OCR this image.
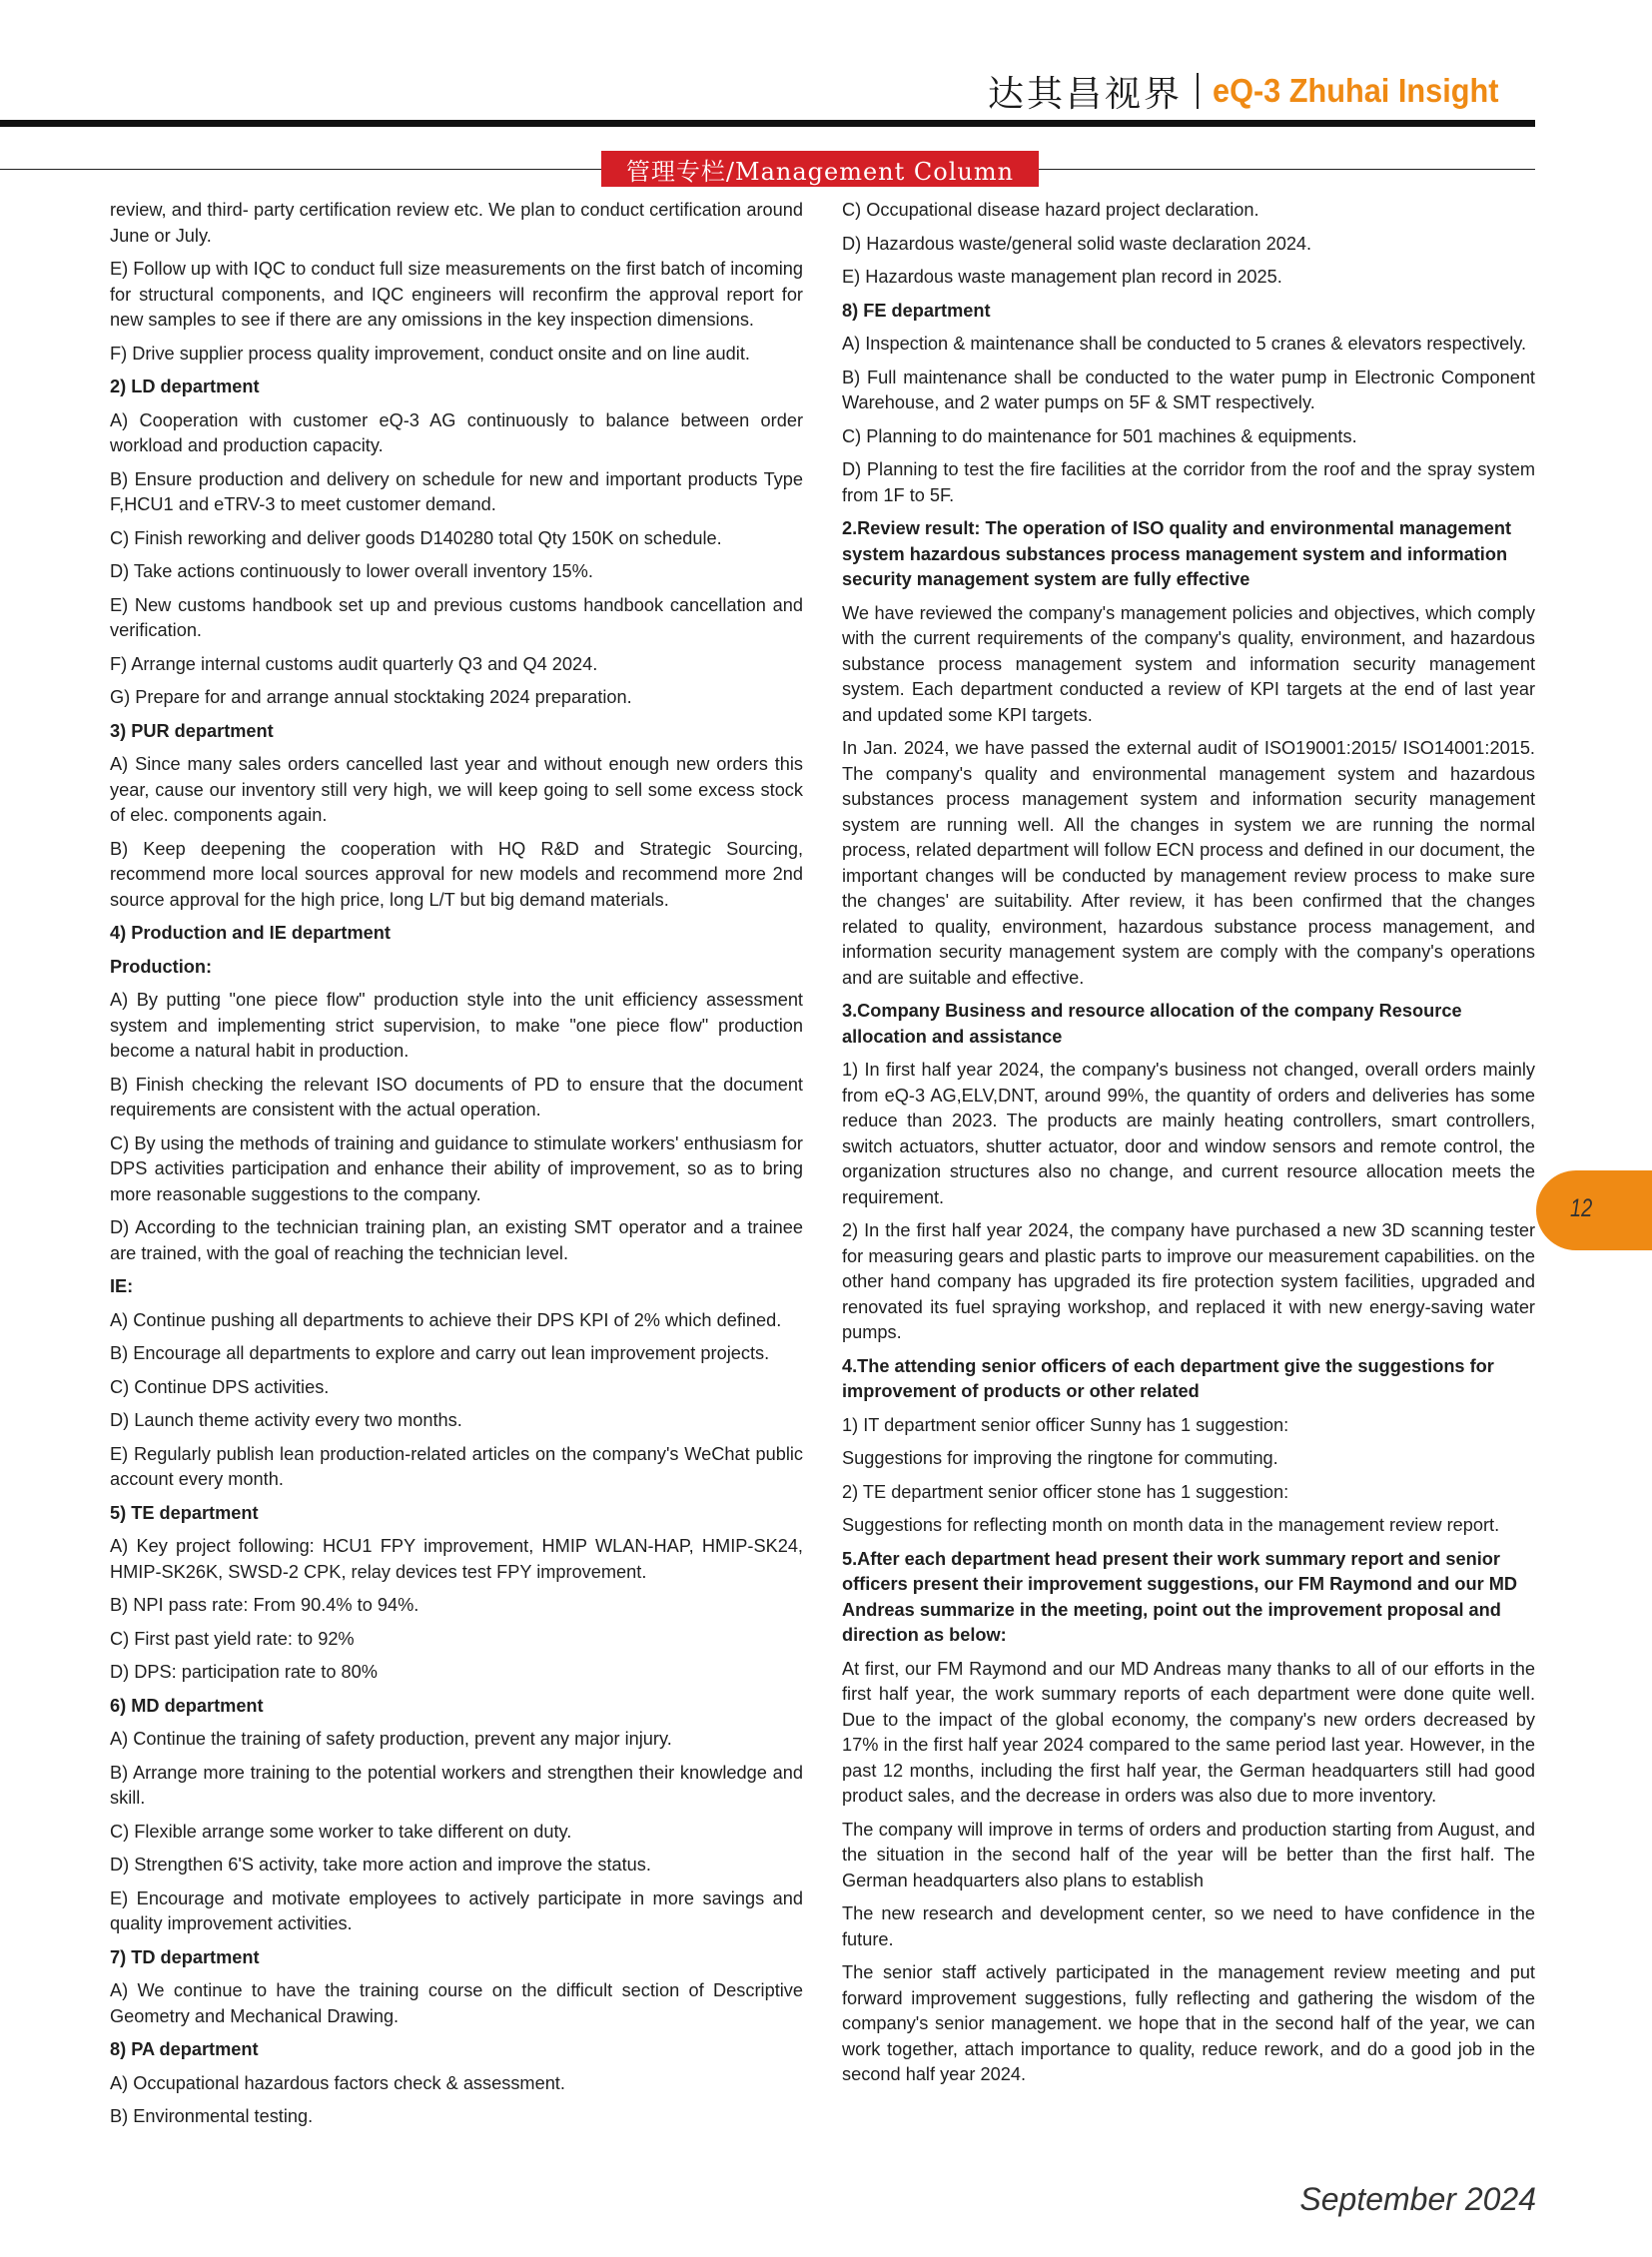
达其昌视界 eQ-3 Zhuhai Insight
管理专栏/Management Column

review, and third- party certification review etc. We plan to conduct certification around June or July.

E) Follow up with IQC to conduct full size measurements on the first batch of incoming for structural components, and IQC engineers will reconfirm the approval report for new samples to see if there are any omissions in the key inspection dimensions.

F) Drive supplier process quality improvement, conduct onsite and on line audit.

2) LD department

A) Cooperation with customer eQ-3 AG continuously to balance between order workload and production capacity.

B) Ensure production and delivery on schedule for new and important products Type F,HCU1 and eTRV-3 to meet customer demand.

C) Finish reworking and deliver goods D140280 total Qty 150K on schedule.

D) Take actions continuously to lower overall inventory 15%.

E) New customs handbook set up and previous customs handbook cancellation and verification.

F) Arrange internal customs audit quarterly Q3 and Q4 2024.

G) Prepare for and arrange annual stocktaking 2024 preparation.

3) PUR department

A) Since many sales orders cancelled last year and without enough new orders this year, cause our inventory still very high, we will keep going to sell some excess stock of elec. components again.

B) Keep deepening the cooperation with HQ R&D and Strategic Sourcing, recommend more local sources approval for new models and recommend more 2nd source approval for the high price, long L/T but big demand materials.

4) Production and IE department

Production:

A) By putting "one piece flow" production style into the unit efficiency assessment system and implementing strict supervision, to make "one piece flow" production become a natural habit in production.

B) Finish checking the relevant ISO documents of PD to ensure that the document requirements are consistent with the actual operation.

C) By using the methods of training and guidance to stimulate workers' enthusiasm for DPS activities participation and enhance their ability of improvement, so as to bring more reasonable suggestions to the company.

D) According to the technician training plan, an existing SMT operator and a trainee are trained, with the goal of reaching the technician level.

IE:

A) Continue pushing all departments to achieve their DPS KPI of 2% which defined.

B) Encourage all departments to explore and carry out lean improvement projects.

C) Continue DPS activities.

D) Launch theme activity every two months.

E) Regularly publish lean production-related articles on the company's WeChat public account every month.

5) TE department

A) Key project following: HCU1 FPY improvement, HMIP WLAN-HAP, HMIP-SK24, HMIP-SK26K, SWSD-2 CPK, relay devices test FPY improvement.

B) NPI pass rate: From 90.4% to 94%.

C) First past yield rate: to 92%

D) DPS: participation rate to 80%

6) MD department

A) Continue the training of safety production, prevent any major injury.

B) Arrange more training to the potential workers and strengthen their knowledge and skill.

C) Flexible arrange some worker to take different on duty.

D) Strengthen 6'S activity, take more action and improve the status.

E) Encourage and motivate employees to actively participate in more savings and quality improvement activities.

7) TD department

A) We continue to have the training course on the difficult section of Descriptive Geometry and Mechanical Drawing.

8) PA department

A) Occupational hazardous factors check & assessment.

B) Environmental testing.

C) Occupational disease hazard project declaration.

D) Hazardous waste/general solid waste declaration 2024.

E) Hazardous waste management plan record in 2025.

8) FE department

A) Inspection & maintenance shall be conducted to 5 cranes & elevators respectively.

B) Full maintenance shall be conducted to the water pump in Electronic Component Warehouse, and 2 water pumps on 5F & SMT respectively.

C) Planning to do maintenance for 501 machines & equipments.

D) Planning to test the fire facilities at the corridor from the roof and the spray system from 1F to 5F.

2.Review result: The operation of ISO quality and environmental management system hazardous substances process management system and information security management system are fully effective

We have reviewed the company's management policies and objectives, which comply with the current requirements of the company's quality, environment, and hazardous substance process management system and information security management system. Each department conducted a review of KPI targets at the end of last year and updated some KPI targets.

In Jan. 2024, we have passed the external audit of ISO19001:2015/ ISO14001:2015. The company's quality and environmental management system and hazardous substances process management system and information security management system are running well. All the changes in system we are running the normal process, related department will follow ECN process and defined in our document, the important changes will be conducted by management review process to make sure the changes' are suitability. After review, it has been confirmed that the changes related to quality, environment, hazardous substance process management, and information security management system are comply with the company's operations and are suitable and effective.

3.Company Business and resource allocation of the company Resource allocation and assistance

1) In first half year 2024, the company's business not changed, overall orders mainly from eQ-3 AG,ELV,DNT, around 99%, the quantity of orders and deliveries has some reduce than 2023. The products are mainly heating controllers, smart controllers, switch actuators, shutter actuator, door and window sensors and remote control, the organization structures also no change, and current resource allocation meets the requirement.

2) In the first half year 2024, the company have purchased a new 3D scanning tester for measuring gears and plastic parts to improve our measurement capabilities. on the other hand company has upgraded its fire protection system facilities, upgraded and renovated its fuel spraying workshop, and replaced it with new energy-saving water pumps.

4.The attending senior officers of each department give the suggestions for improvement of products or other related

1) IT department senior officer Sunny has 1 suggestion:

Suggestions for improving the ringtone for commuting.

2) TE department senior officer stone has 1 suggestion:

Suggestions for reflecting month on month data in the management review report.

5.After each department head present their work summary report and senior officers present their improvement suggestions, our FM Raymond and our MD Andreas summarize in the meeting, point out the improvement proposal and direction as below:

At first, our FM Raymond and our MD Andreas many thanks to all of our efforts in the first half year, the work summary reports of each department were done quite well. Due to the impact of the global economy, the company's new orders decreased by 17% in the first half year 2024 compared to the same period last year. However, in the past 12 months, including the first half year, the German headquarters still had good product sales, and the decrease in orders was also due to more inventory.

The company will improve in terms of orders and production starting from August, and the situation in the second half of the year will be better than the first half. The German headquarters also plans to establish

The new research and development center, so we need to have confidence in the future.

The senior staff actively participated in the management review meeting and put forward improvement suggestions, fully reflecting and gathering the wisdom of the company's senior management. we hope that in the second half of the year, we can work together, attach importance to quality, reduce rework, and do a good job in the second half year 2024.

12
September 2024
